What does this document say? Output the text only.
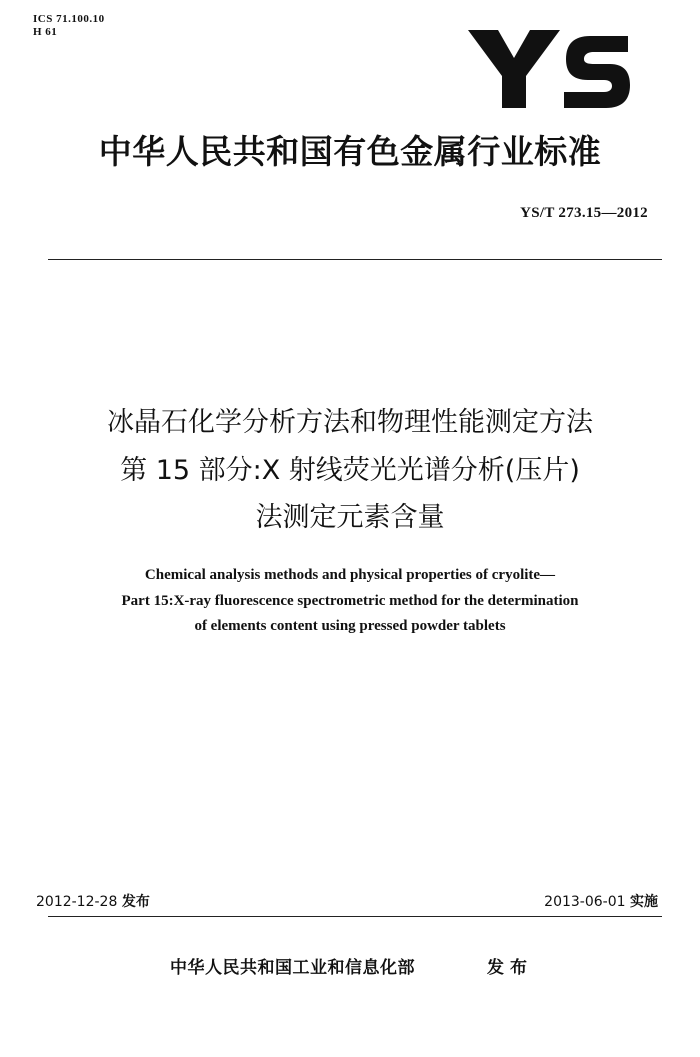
ICS 71.100.10
H 61
中华人民共和国有色金属行业标准
YS/T 273.15—2012
冰晶石化学分析方法和物理性能测定方法
第 15 部分:X 射线荧光光谱分析(压片)
法测定元素含量
Chemical analysis methods and physical properties of cryolite—
Part 15:X-ray fluorescence spectrometric method for the determination
of elements content using pressed powder tablets
2012-12-28 发布	2013-06-01 实施
中华人民共和国工业和信息化部	发布
